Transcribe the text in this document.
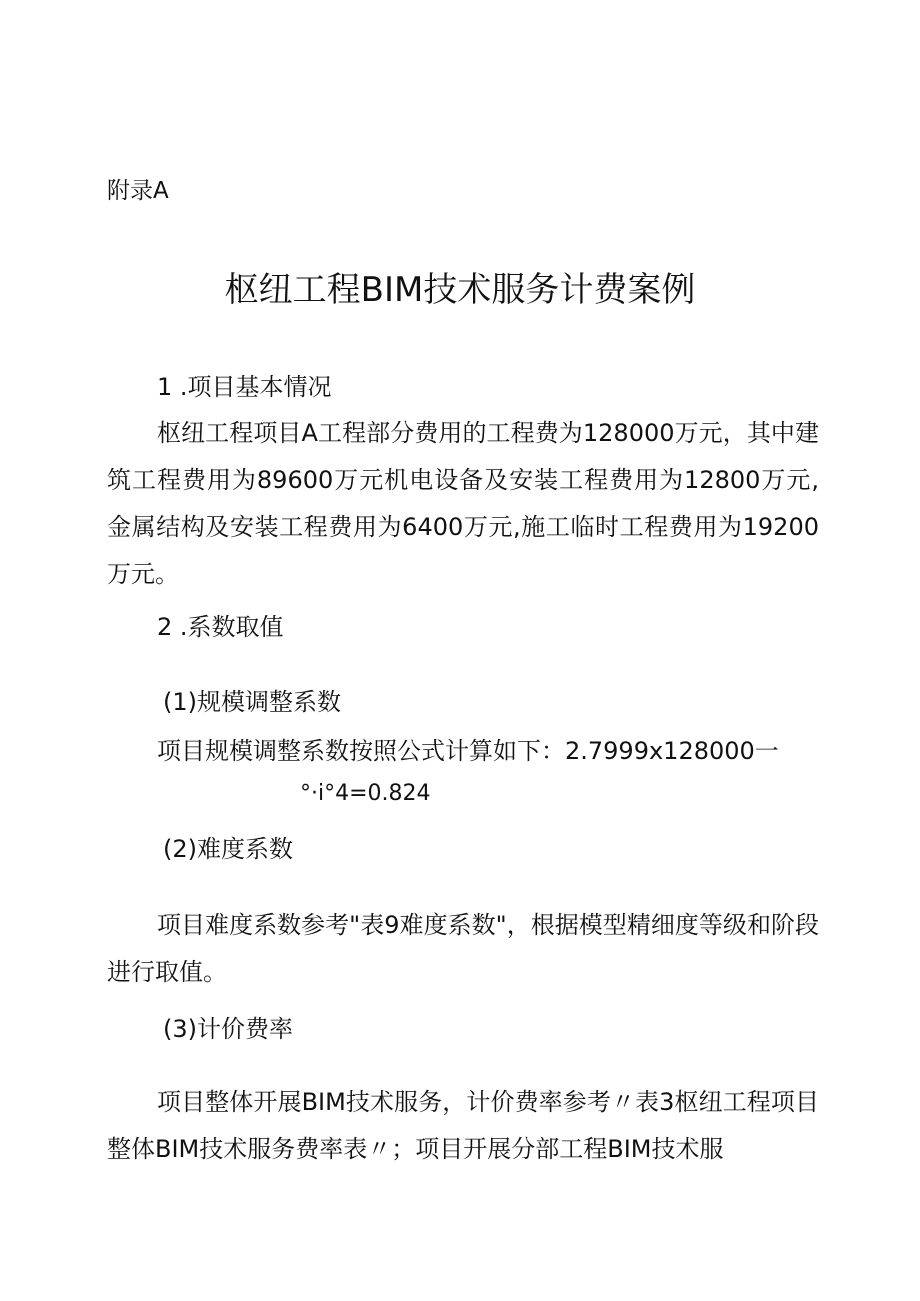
附录A
枢纽工程BIM技术服务计费案例
1 .项目基本情况

枢纽工程项目A工程部分费用的工程费为128000万元，其中建筑工程费用为89600万元机电设备及安装工程费用为12800万元,金属结构及安装工程费用为6400万元,施工临时工程费用为19200万元。

2 .系数取值
(1)规模调整系数
项目规模调整系数按照公式计算如下：2.7999x128000一
°·i°4=0.824
(2)难度系数

项目难度系数参考"表9难度系数"，根据模型精细度等级和阶段进行取值。

(3)计价费率

项目整体开展BIM技术服务，计价费率参考〃表3枢纽工程项目整体BIM技术服务费率表〃；项目开展分部工程BIM技术服
